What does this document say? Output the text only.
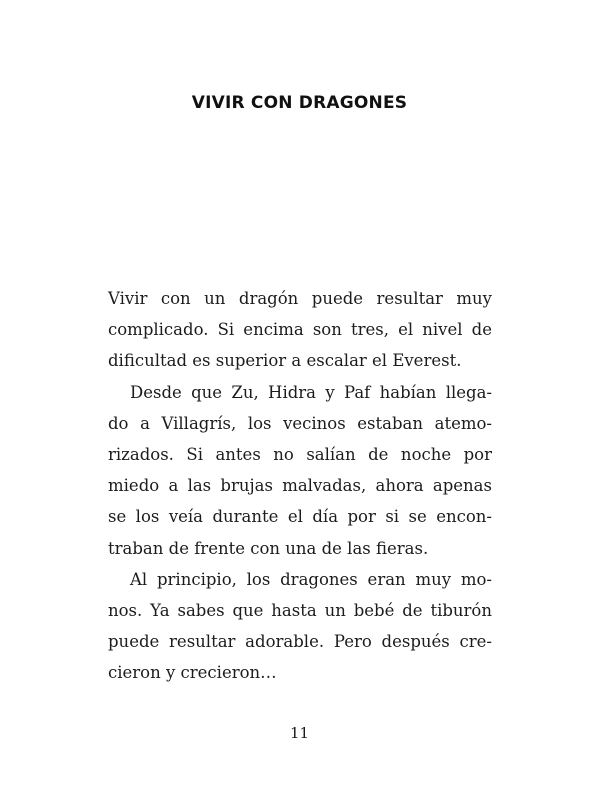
VIVIR CON DRAGONES
Vivir con un dragón puede resultar muy
complicado. Si encima son tres, el nivel de
dificultad es superior a escalar el Everest.
Desde que Zu, Hidra y Paf habían llega-
do a Villagrís, los vecinos estaban atemo-
rizados. Si antes no salían de noche por
miedo a las brujas malvadas, ahora apenas
se los veía durante el día por si se encon-
traban de frente con una de las fieras.
Al principio, los dragones eran muy mo-
nos. Ya sabes que hasta un bebé de tiburón
puede resultar adorable. Pero después cre-
cieron y crecieron…
11
